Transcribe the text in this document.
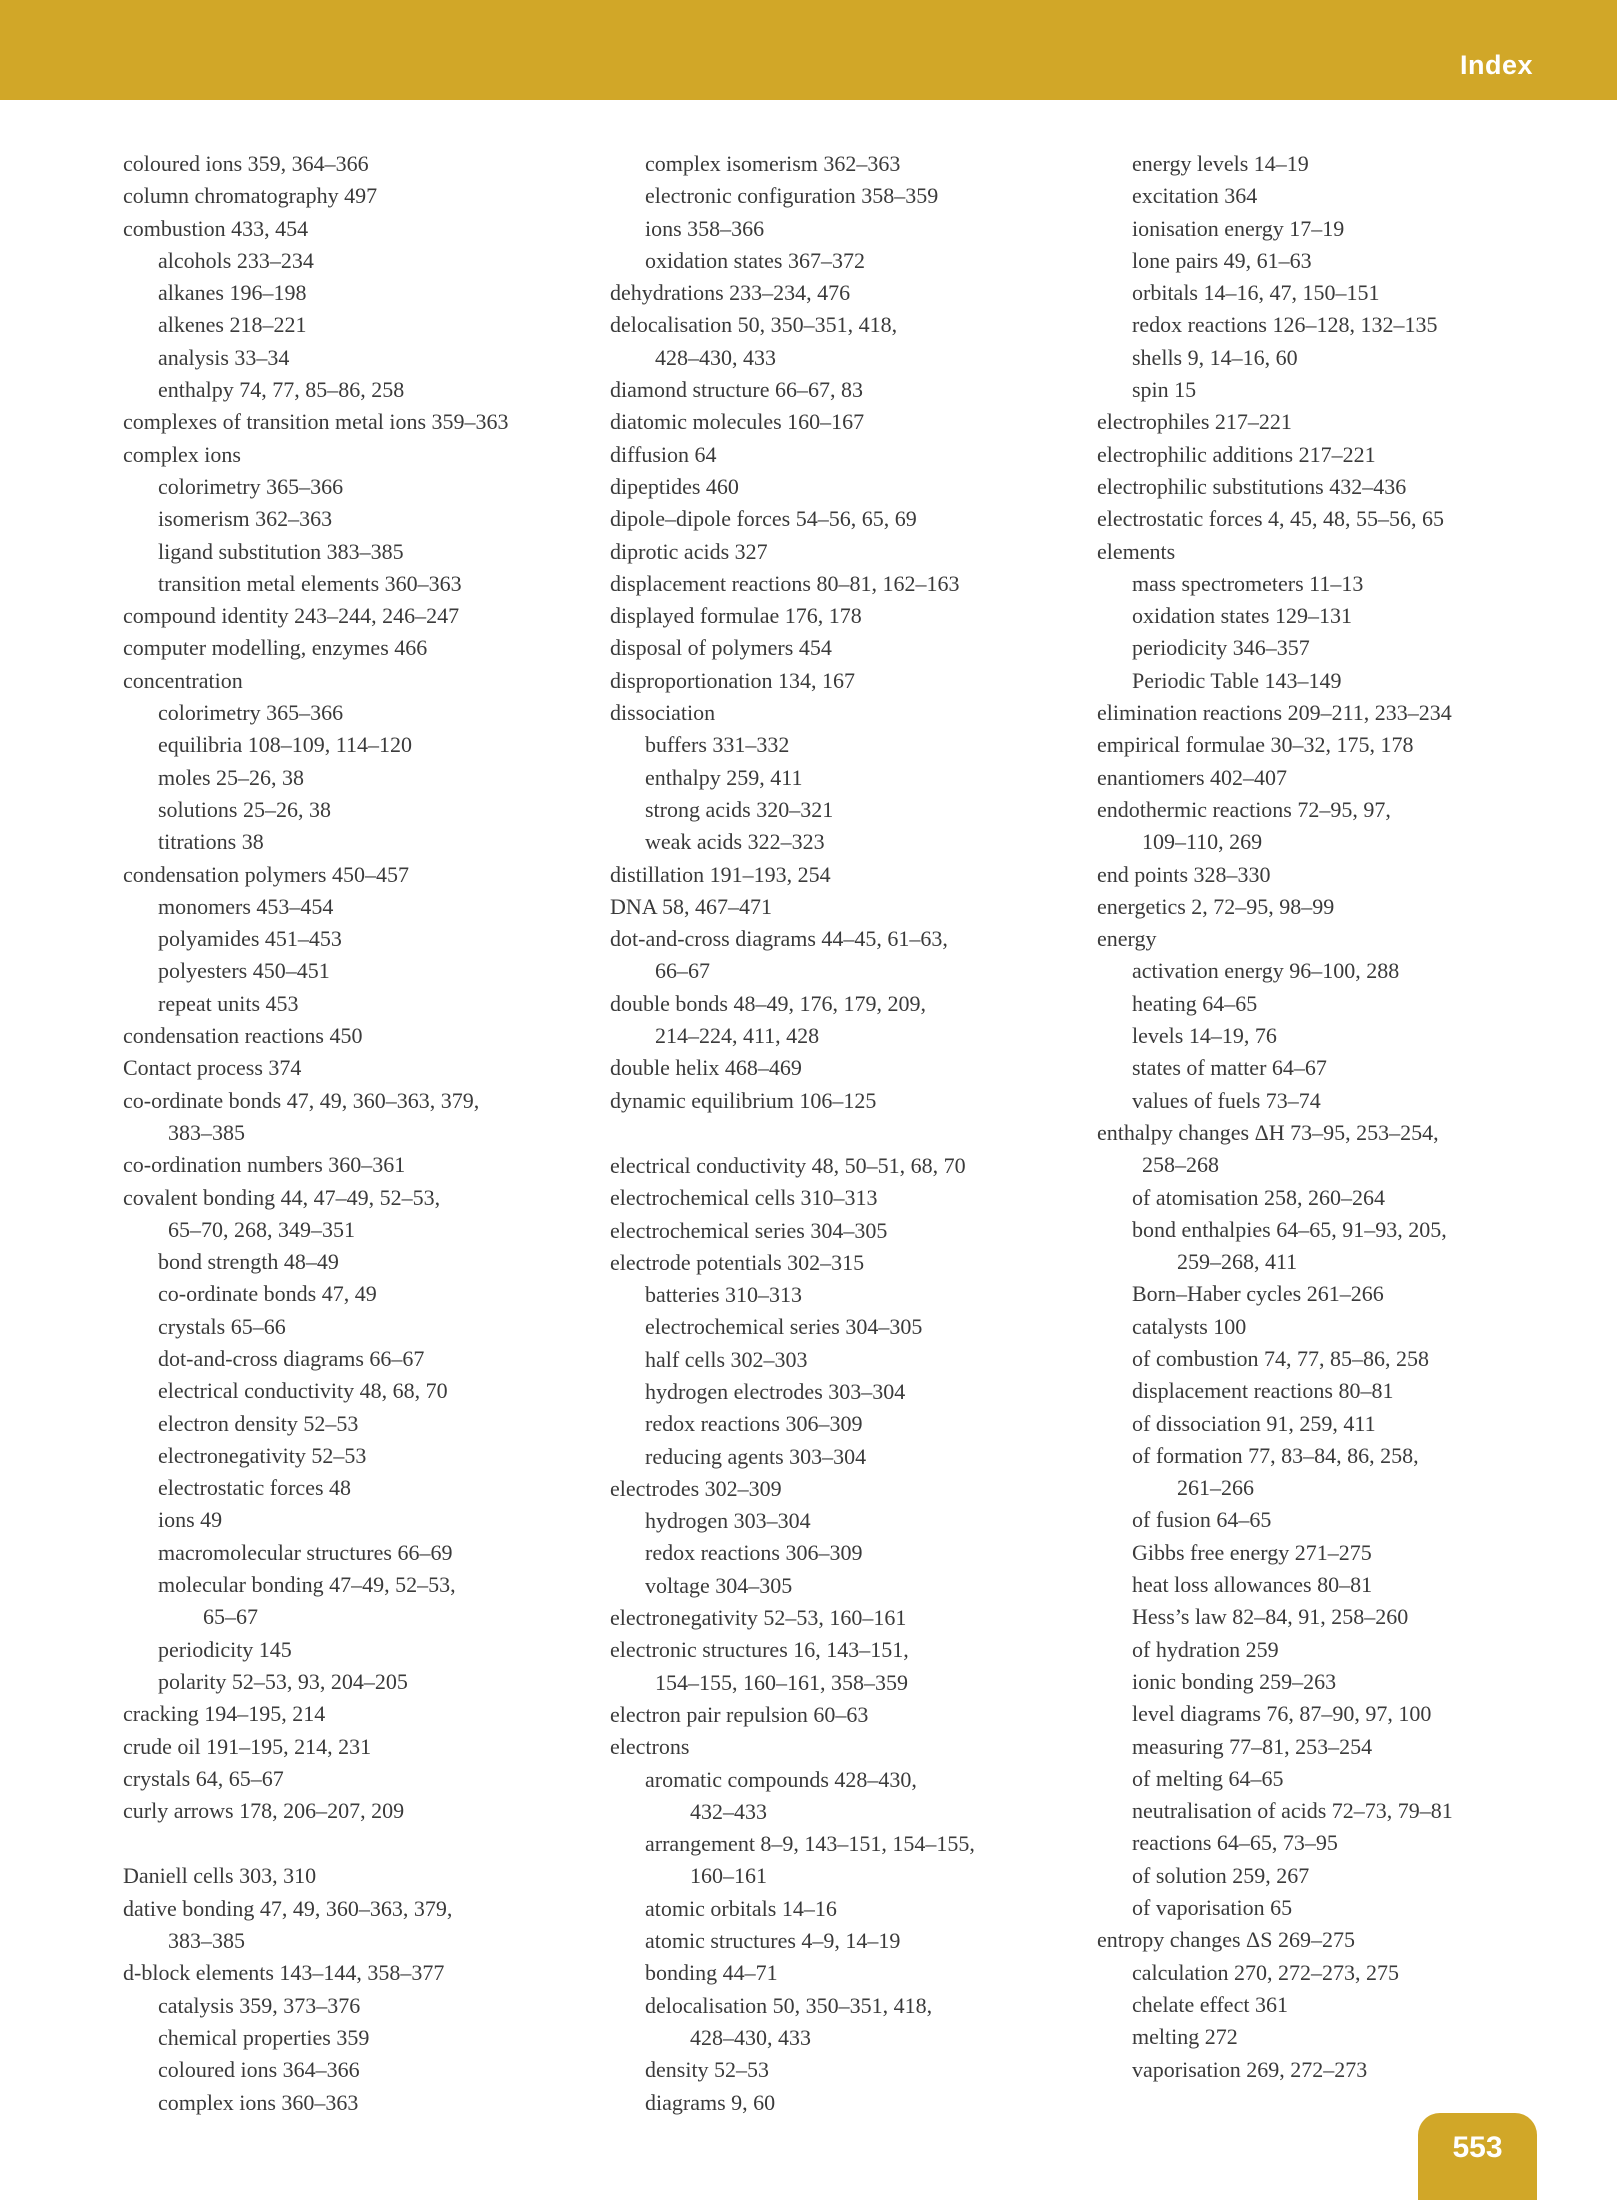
Index
coloured ions 359, 364–366
column chromatography 497
combustion 433, 454
alcohols 233–234
alkanes 196–198
alkenes 218–221
analysis 33–34
enthalpy 74, 77, 85–86, 258
complexes of transition metal ions 359–363
complex ions
colorimetry 365–366
isomerism 362–363
ligand substitution 383–385
transition metal elements 360–363
compound identity 243–244, 246–247
computer modelling, enzymes 466
concentration
colorimetry 365–366
equilibria 108–109, 114–120
moles 25–26, 38
solutions 25–26, 38
titrations 38
condensation polymers 450–457
monomers 453–454
polyamides 451–453
polyesters 450–451
repeat units 453
condensation reactions 450
Contact process 374
co-ordinate bonds 47, 49, 360–363, 379,
383–385
co-ordination numbers 360–361
covalent bonding 44, 47–49, 52–53,
65–70, 268, 349–351
bond strength 48–49
co-ordinate bonds 47, 49
crystals 65–66
dot-and-cross diagrams 66–67
electrical conductivity 48, 68, 70
electron density 52–53
electronegativity 52–53
electrostatic forces 48
ions 49
macromolecular structures 66–69
molecular bonding 47–49, 52–53,
65–67
periodicity 145
polarity 52–53, 93, 204–205
cracking 194–195, 214
crude oil 191–195, 214, 231
crystals 64, 65–67
curly arrows 178, 206–207, 209
Daniell cells 303, 310
dative bonding 47, 49, 360–363, 379,
383–385
d-block elements 143–144, 358–377
catalysis 359, 373–376
chemical properties 359
coloured ions 364–366
complex ions 360–363
complex isomerism 362–363
electronic configuration 358–359
ions 358–366
oxidation states 367–372
dehydrations 233–234, 476
delocalisation 50, 350–351, 418,
428–430, 433
diamond structure 66–67, 83
diatomic molecules 160–167
diffusion 64
dipeptides 460
dipole–dipole forces 54–56, 65, 69
diprotic acids 327
displacement reactions 80–81, 162–163
displayed formulae 176, 178
disposal of polymers 454
disproportionation 134, 167
dissociation
buffers 331–332
enthalpy 259, 411
strong acids 320–321
weak acids 322–323
distillation 191–193, 254
DNA 58, 467–471
dot-and-cross diagrams 44–45, 61–63,
66–67
double bonds 48–49, 176, 179, 209,
214–224, 411, 428
double helix 468–469
dynamic equilibrium 106–125
electrical conductivity 48, 50–51, 68, 70
electrochemical cells 310–313
electrochemical series 304–305
electrode potentials 302–315
batteries 310–313
electrochemical series 304–305
half cells 302–303
hydrogen electrodes 303–304
redox reactions 306–309
reducing agents 303–304
electrodes 302–309
hydrogen 303–304
redox reactions 306–309
voltage 304–305
electronegativity 52–53, 160–161
electronic structures 16, 143–151,
154–155, 160–161, 358–359
electron pair repulsion 60–63
electrons
aromatic compounds 428–430,
432–433
arrangement 8–9, 143–151, 154–155,
160–161
atomic orbitals 14–16
atomic structures 4–9, 14–19
bonding 44–71
delocalisation 50, 350–351, 418,
428–430, 433
density 52–53
diagrams 9, 60
energy levels 14–19
excitation 364
ionisation energy 17–19
lone pairs 49, 61–63
orbitals 14–16, 47, 150–151
redox reactions 126–128, 132–135
shells 9, 14–16, 60
spin 15
electrophiles 217–221
electrophilic additions 217–221
electrophilic substitutions 432–436
electrostatic forces 4, 45, 48, 55–56, 65
elements
mass spectrometers 11–13
oxidation states 129–131
periodicity 346–357
Periodic Table 143–149
elimination reactions 209–211, 233–234
empirical formulae 30–32, 175, 178
enantiomers 402–407
endothermic reactions 72–95, 97,
109–110, 269
end points 328–330
energetics 2, 72–95, 98–99
energy
activation energy 96–100, 288
heating 64–65
levels 14–19, 76
states of matter 64–67
values of fuels 73–74
enthalpy changes ΔH 73–95, 253–254,
258–268
of atomisation 258, 260–264
bond enthalpies 64–65, 91–93, 205,
259–268, 411
Born–Haber cycles 261–266
catalysts 100
of combustion 74, 77, 85–86, 258
displacement reactions 80–81
of dissociation 91, 259, 411
of formation 77, 83–84, 86, 258,
261–266
of fusion 64–65
Gibbs free energy 271–275
heat loss allowances 80–81
Hess’s law 82–84, 91, 258–260
of hydration 259
ionic bonding 259–263
level diagrams 76, 87–90, 97, 100
measuring 77–81, 253–254
of melting 64–65
neutralisation of acids 72–73, 79–81
reactions 64–65, 73–95
of solution 259, 267
of vaporisation 65
entropy changes ΔS 269–275
calculation 270, 272–273, 275
chelate effect 361
melting 272
vaporisation 269, 272–273
553
